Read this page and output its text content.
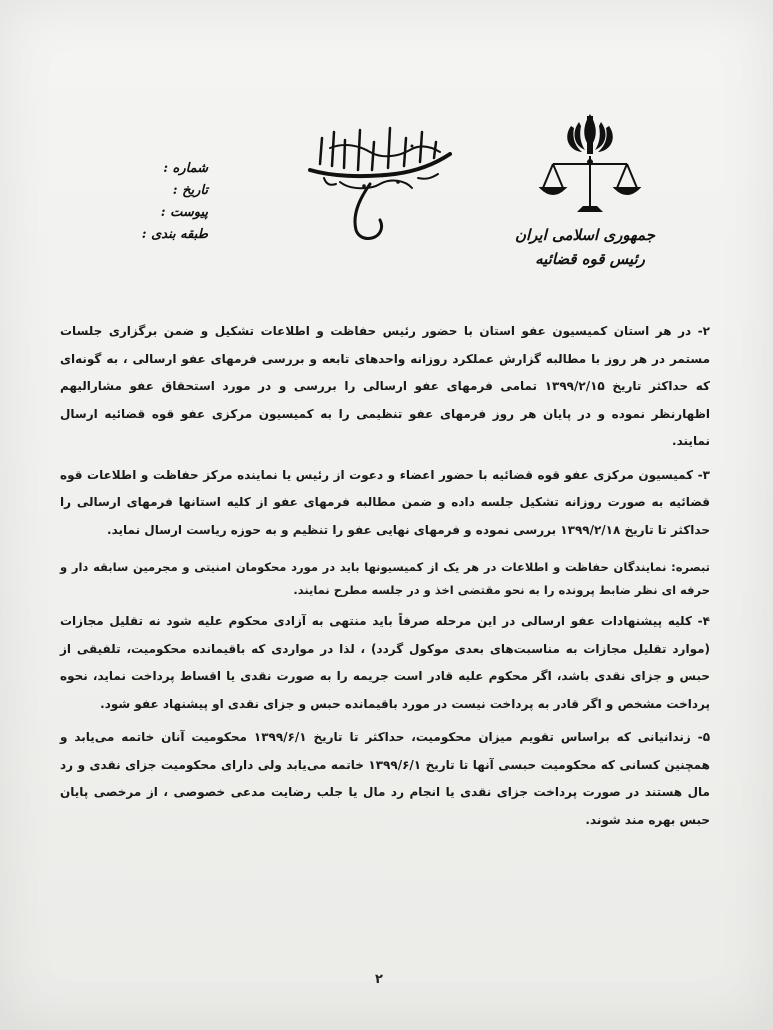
جمهوری اسلامی ایران
رئیس قوه قضائیه
بسم الله الرحمن الرحیم
شماره :
تاریخ :
پیوست :
طبقه بندی :

۲- در هر استان کمیسیون عفو استان با حضور رئیس حفاظت و اطلاعات تشکیل و ضمن برگزاری جلسات مستمر در هر روز با مطالبه گزارش عملکرد روزانه واحدهای تابعه و بررسی فرمهای عفو ارسالی ، به گونه‌ای که حداکثر تاریخ ۱۳۹۹/۲/۱۵ تمامی فرمهای عفو ارسالی را بررسی و در مورد استحقاق عفو مشارالیهم اظهارنظر نموده و در پایان هر روز فرمهای عفو تنظیمی را به کمیسیون مرکزی عفو قوه قضائیه ارسال نمایند.

۳- کمیسیون مرکزی عفو قوه قضائیه با حضور اعضاء و دعوت از رئیس یا نماینده مرکز حفاظت و اطلاعات قوه قضائیه به صورت روزانه تشکیل جلسه داده و ضمن مطالبه فرمهای عفو از کلیه استانها فرمهای ارسالی را حداکثر تا تاریخ ۱۳۹۹/۲/۱۸ بررسی نموده و فرمهای نهایی عفو را تنظیم و به حوزه ریاست ارسال نماید.

تبصره: نمایندگان حفاظت و اطلاعات در هر یک از کمیسیونها باید در مورد محکومان امنیتی و مجرمین سابقه دار و حرفه ای نظر ضابط پرونده را به نحو مقتضی اخذ و در جلسه مطرح نمایند.

۴- کلیه پیشنهادات عفو ارسالی در این مرحله صرفاً باید منتهی به آزادی محکوم علیه شود نه تقلیل مجازات (موارد تقلیل مجازات به مناسبت‌های بعدی موکول گردد) ، لذا در مواردی که باقیمانده محکومیت، تلفیقی از حبس و جزای نقدی باشد، اگر محکوم علیه قادر است جریمه را به صورت نقدی یا اقساط پرداخت نماید، نحوه پرداخت مشخص و اگر قادر به پرداخت نیست در مورد باقیمانده حبس و جزای نقدی او پیشنهاد عفو شود.

۵- زندانیانی که براساس تقویم میزان محکومیت، حداکثر تا تاریخ ۱۳۹۹/۶/۱ محکومیت آنان خاتمه می‌یابد و همچنین کسانی که محکومیت حبسی آنها تا تاریخ ۱۳۹۹/۶/۱ خاتمه می‌یابد ولی دارای محکومیت جزای نقدی و رد مال هستند در صورت پرداخت جزای نقدی یا انجام رد مال یا جلب رضایت مدعی خصوصی ، از مرخصی پایان حبس بهره مند شوند.

۲
